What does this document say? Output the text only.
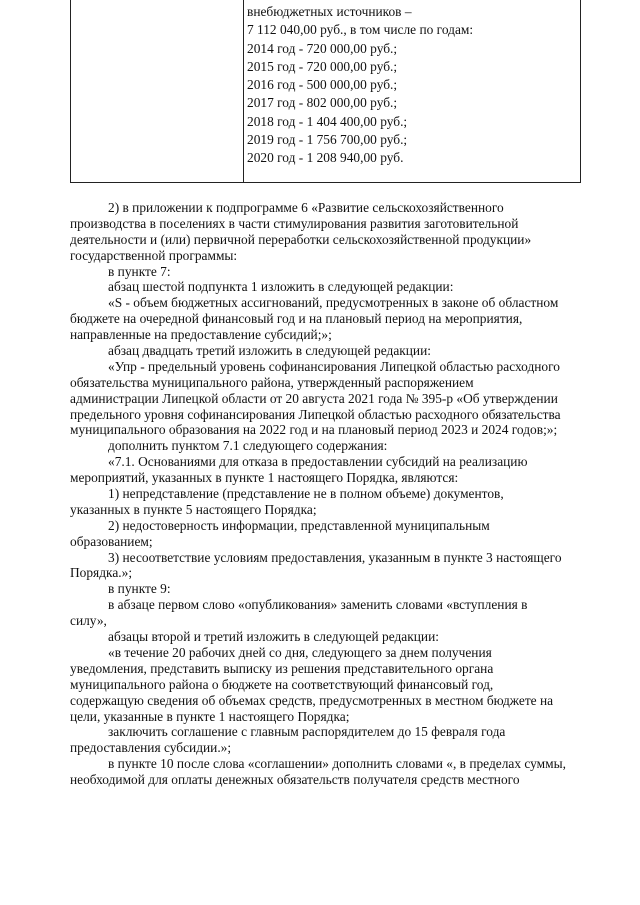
внебюджетных источников –
7 112 040,00 руб., в том числе по годам:
2014 год - 720 000,00 руб.;
2015 год - 720 000,00 руб.;
2016 год - 500 000,00 руб.;
2017 год - 802 000,00 руб.;
2018 год - 1 404 400,00 руб.;
2019 год - 1 756 700,00 руб.;
2020 год - 1 208 940,00 руб.
2) в приложении к подпрограмме 6 «Развитие сельскохозяйственного
производства в поселениях в части стимулирования развития заготовительной
деятельности и (или) первичной переработки сельскохозяйственной продукции»
государственной программы:
в пункте 7:
абзац шестой подпункта 1 изложить в следующей редакции:
«S - объем бюджетных ассигнований, предусмотренных в законе об областном
бюджете на очередной финансовый год и на плановый период на мероприятия,
направленные на предоставление субсидий;»;
абзац двадцать третий изложить в следующей редакции:
«Упр - предельный уровень софинансирования Липецкой областью расходного
обязательства муниципального района, утвержденный распоряжением
администрации Липецкой области от 20 августа 2021 года № 395-р «Об утверждении
предельного уровня софинансирования Липецкой областью расходного обязательства
муниципального образования на 2022 год и на плановый период 2023 и 2024 годов;»;
дополнить пунктом 7.1 следующего содержания:
«7.1. Основаниями для отказа в предоставлении субсидий на реализацию
мероприятий, указанных в пункте 1 настоящего Порядка, являются:
1) непредставление (представление не в полном объеме) документов,
указанных в пункте 5 настоящего Порядка;
2) недостоверность информации, представленной муниципальным
образованием;
3) несоответствие условиям предоставления, указанным в пункте 3 настоящего
Порядка.»;
в пункте 9:
в абзаце первом слово «опубликования» заменить словами «вступления в
силу»,
абзацы второй и третий изложить в следующей редакции:
«в течение 20 рабочих дней со дня, следующего за днем получения
уведомления, представить выписку из решения представительного органа
муниципального района о бюджете на соответствующий финансовый год,
содержащую сведения об объемах средств, предусмотренных в местном бюджете на
цели, указанные в пункте 1 настоящего Порядка;
заключить соглашение с главным распорядителем до 15 февраля года
предоставления субсидии.»;
в пункте 10 после слова «соглашении» дополнить словами «, в пределах суммы,
необходимой для оплаты денежных обязательств получателя средств местного
